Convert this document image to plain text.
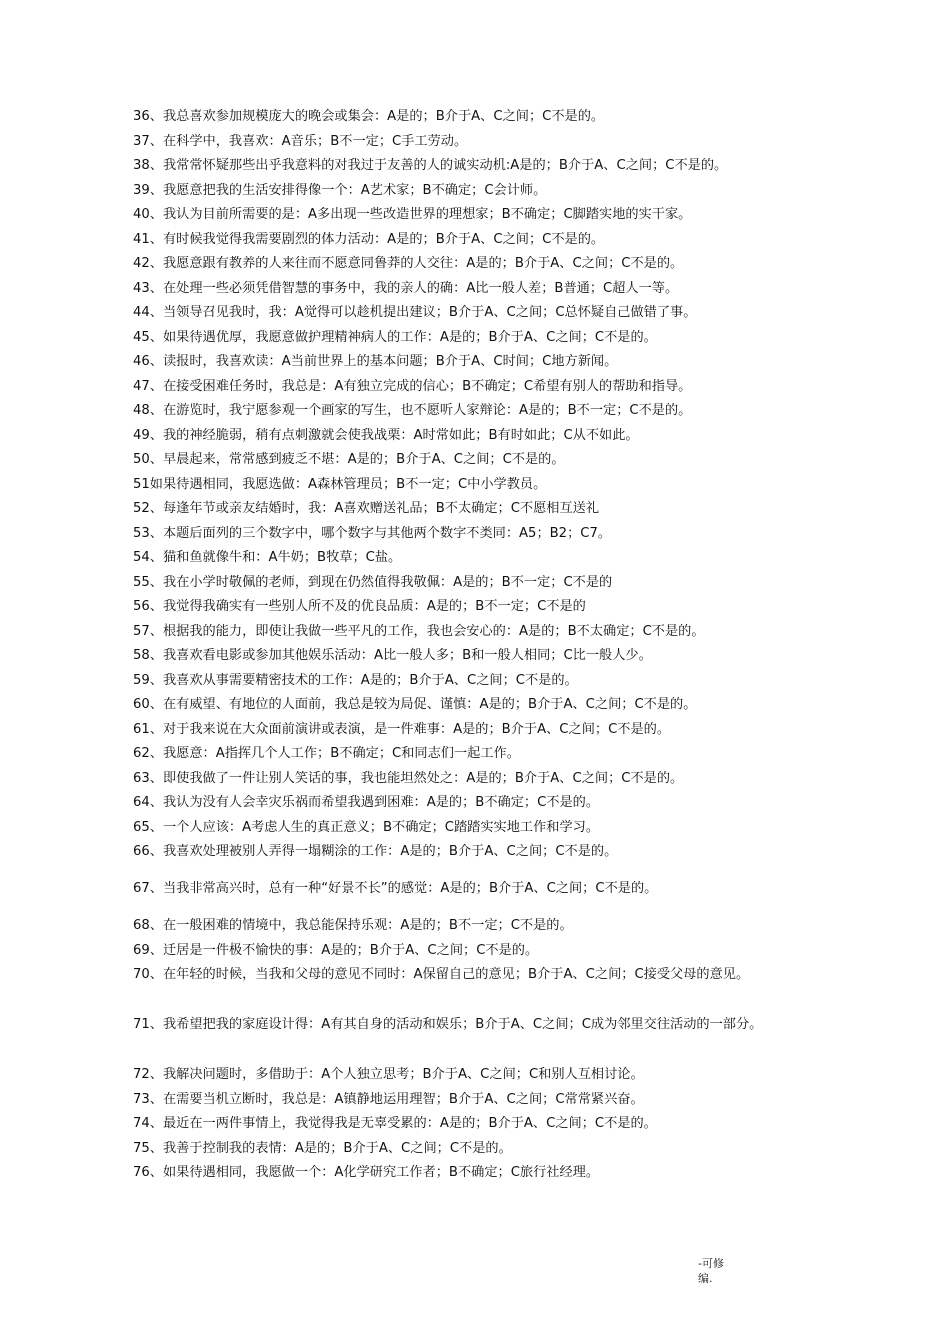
36、我总喜欢参加规模庞大的晚会或集会：A是的；B介于A、C之间；C不是的。
37、在科学中，我喜欢：A音乐；B不一定；C手工劳动。
38、我常常怀疑那些出乎我意料的对我过于友善的人的诚实动机:A是的；B介于A、C之间；C不是的。
39、我愿意把我的生活安排得像一个：A艺术家；B不确定；C会计师。
40、我认为目前所需要的是：A多出现一些改造世界的理想家；B不确定；C脚踏实地的实干家。
41、有时候我觉得我需要剧烈的体力活动：A是的；B介于A、C之间；C不是的。
42、我愿意跟有教养的人来往而不愿意同鲁莽的人交往：A是的；B介于A、C之间；C不是的。
43、在处理一些必须凭借智慧的事务中，我的亲人的确：A比一般人差；B普通；C超人一等。
44、当领导召见我时，我：A觉得可以趁机提出建议；B介于A、C之间；C总怀疑自己做错了事。
45、如果待遇优厚，我愿意做护理精神病人的工作：A是的；B介于A、C之间；C不是的。
46、读报时，我喜欢读：A当前世界上的基本问题；B介于A、C时间；C地方新闻。
47、在接受困难任务时，我总是：A有独立完成的信心；B不确定；C希望有别人的帮助和指导。
48、在游览时，我宁愿参观一个画家的写生，也不愿听人家辩论：A是的；B不一定；C不是的。
49、我的神经脆弱，稍有点刺激就会使我战栗：A时常如此；B有时如此；C从不如此。
50、早晨起来，常常感到疲乏不堪：A是的；B介于A、C之间；C不是的。
51如果待遇相同，我愿选做：A森林管理员；B不一定；C中小学教员。
52、每逢年节或亲友结婚时，我：A喜欢赠送礼品；B不太确定；C不愿相互送礼
53、本题后面列的三个数字中，哪个数字与其他两个数字不类同：A5；B2；C7。
54、猫和鱼就像牛和：A牛奶；B牧草；C盐。
55、我在小学时敬佩的老师，到现在仍然值得我敬佩：A是的；B不一定；C不是的
56、我觉得我确实有一些别人所不及的优良品质：A是的；B不一定；C不是的
57、根据我的能力，即使让我做一些平凡的工作，我也会安心的：A是的；B不太确定；C不是的。
58、我喜欢看电影或参加其他娱乐活动：A比一般人多；B和一般人相同；C比一般人少。
59、我喜欢从事需要精密技术的工作：A是的；B介于A、C之间；C不是的。
60、在有威望、有地位的人面前，我总是较为局促、谨慎：A是的；B介于A、C之间；C不是的。
61、对于我来说在大众面前演讲或表演，是一件难事：A是的；B介于A、C之间；C不是的。
62、我愿意：A指挥几个人工作；B不确定；C和同志们一起工作。
63、即使我做了一件让别人笑话的事，我也能坦然处之：A是的；B介于A、C之间；C不是的。
64、我认为没有人会幸灾乐祸而希望我遇到困难：A是的；B不确定；C不是的。
65、一个人应该：A考虑人生的真正意义；B不确定；C踏踏实实地工作和学习。
66、我喜欢处理被别人弄得一塌糊涂的工作：A是的；B介于A、C之间；C不是的。
67、当我非常高兴时，总有一种“好景不长”的感觉：A是的；B介于A、C之间；C不是的。
68、在一般困难的情境中，我总能保持乐观：A是的；B不一定；C不是的。
69、迁居是一件极不愉快的事：A是的；B介于A、C之间；C不是的。
70、在年轻的时候，当我和父母的意见不同时：A保留自己的意见；B介于A、C之间；C接受父母的意见。
71、我希望把我的家庭设计得：A有其自身的活动和娱乐；B介于A、C之间；C成为邻里交往活动的一部分。
72、我解决问题时，多借助于：A个人独立思考；B介于A、C之间；C和别人互相讨论。
73、在需要当机立断时，我总是：A镇静地运用理智；B介于A、C之间；C常常紧兴奋。
74、最近在一两件事情上，我觉得我是无辜受累的：A是的；B介于A、C之间；C不是的。
75、我善于控制我的表情：A是的；B介于A、C之间；C不是的。
76、如果待遇相同，我愿做一个：A化学研究工作者；B不确定；C旅行社经理。
-可修
编.
